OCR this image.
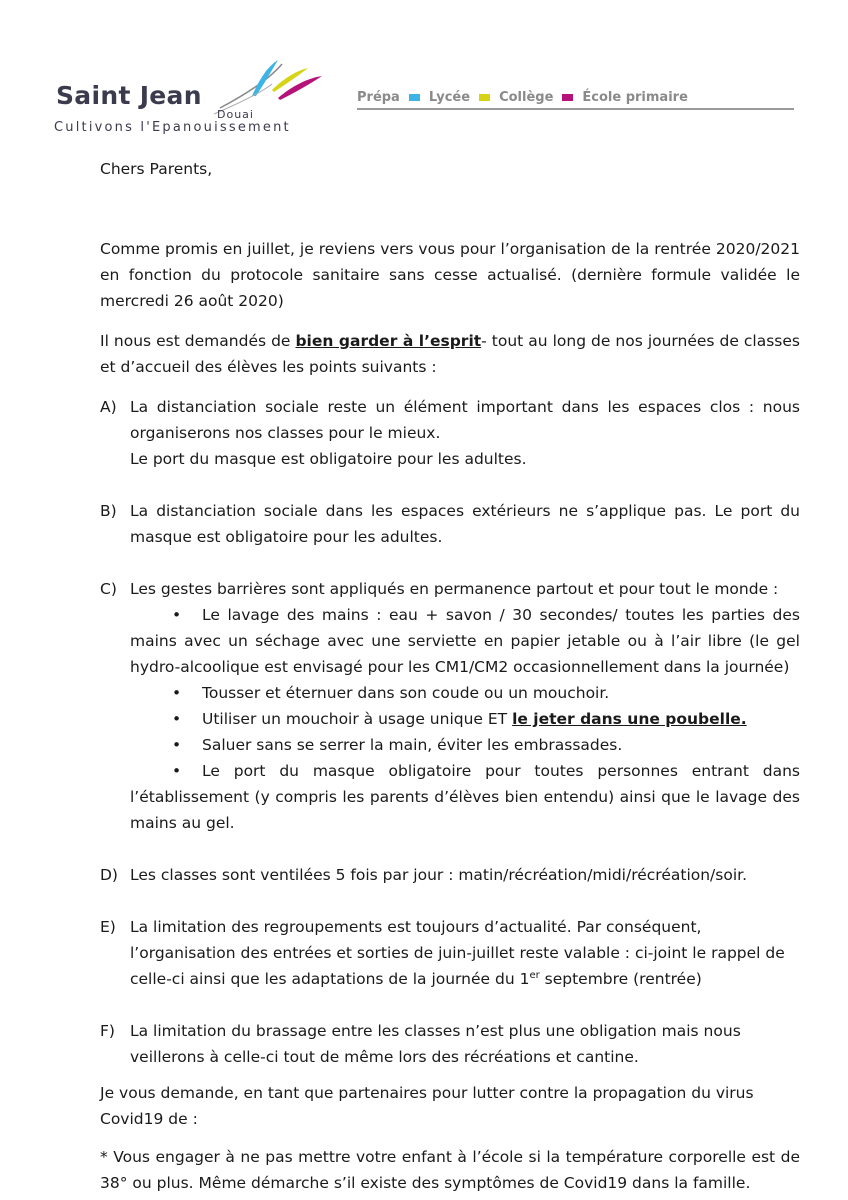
Saint Jean
Douai
Cultivons l'Epanouissement
Prépa Lycée Collège École primaire

Chers Parents,

Comme promis en juillet, je reviens vers vous pour l’organisation de la rentrée 2020/2021 en fonction du protocole sanitaire sans cesse actualisé. (dernière formule validée le mercredi 26 août 2020)

Il nous est demandés de bien garder à l’esprit- tout au long de nos journées de classes et d’accueil des élèves les points suivants :

A) La distanciation sociale reste un élément important dans les espaces clos : nous organiserons nos classes pour le mieux.

Le port du masque est obligatoire pour les adultes.

B) La distanciation sociale dans les espaces extérieurs ne s’applique pas. Le port du masque est obligatoire pour les adultes.

C) Les gestes barrières sont appliqués en permanence partout et pour tout le monde :

• Le lavage des mains : eau + savon / 30 secondes/ toutes les parties des mains avec un séchage avec une serviette en papier jetable ou à l’air libre (le gel hydro-alcoolique est envisagé pour les CM1/CM2 occasionnellement dans la journée)

• Tousser et éternuer dans son coude ou un mouchoir.

• Utiliser un mouchoir à usage unique ET le jeter dans une poubelle.

• Saluer sans se serrer la main, éviter les embrassades.

• Le port du masque obligatoire pour toutes personnes entrant dans l’établissement (y compris les parents d’élèves bien entendu) ainsi que le lavage des mains au gel.

D) Les classes sont ventilées 5 fois par jour : matin/récréation/midi/récréation/soir.

E) La limitation des regroupements est toujours d’actualité. Par conséquent,

l’organisation des entrées et sorties de juin-juillet reste valable : ci-joint le rappel de celle-ci ainsi que les adaptations de la journée du 1er septembre (rentrée)

F) La limitation du brassage entre les classes n’est plus une obligation mais nous veillerons à celle-ci tout de même lors des récréations et cantine.

Je vous demande, en tant que partenaires pour lutter contre la propagation du virus Covid19 de :

* Vous engager à ne pas mettre votre enfant à l’école si la température corporelle est de 38° ou plus. Même démarche s’il existe des symptômes de Covid19 dans la famille.
